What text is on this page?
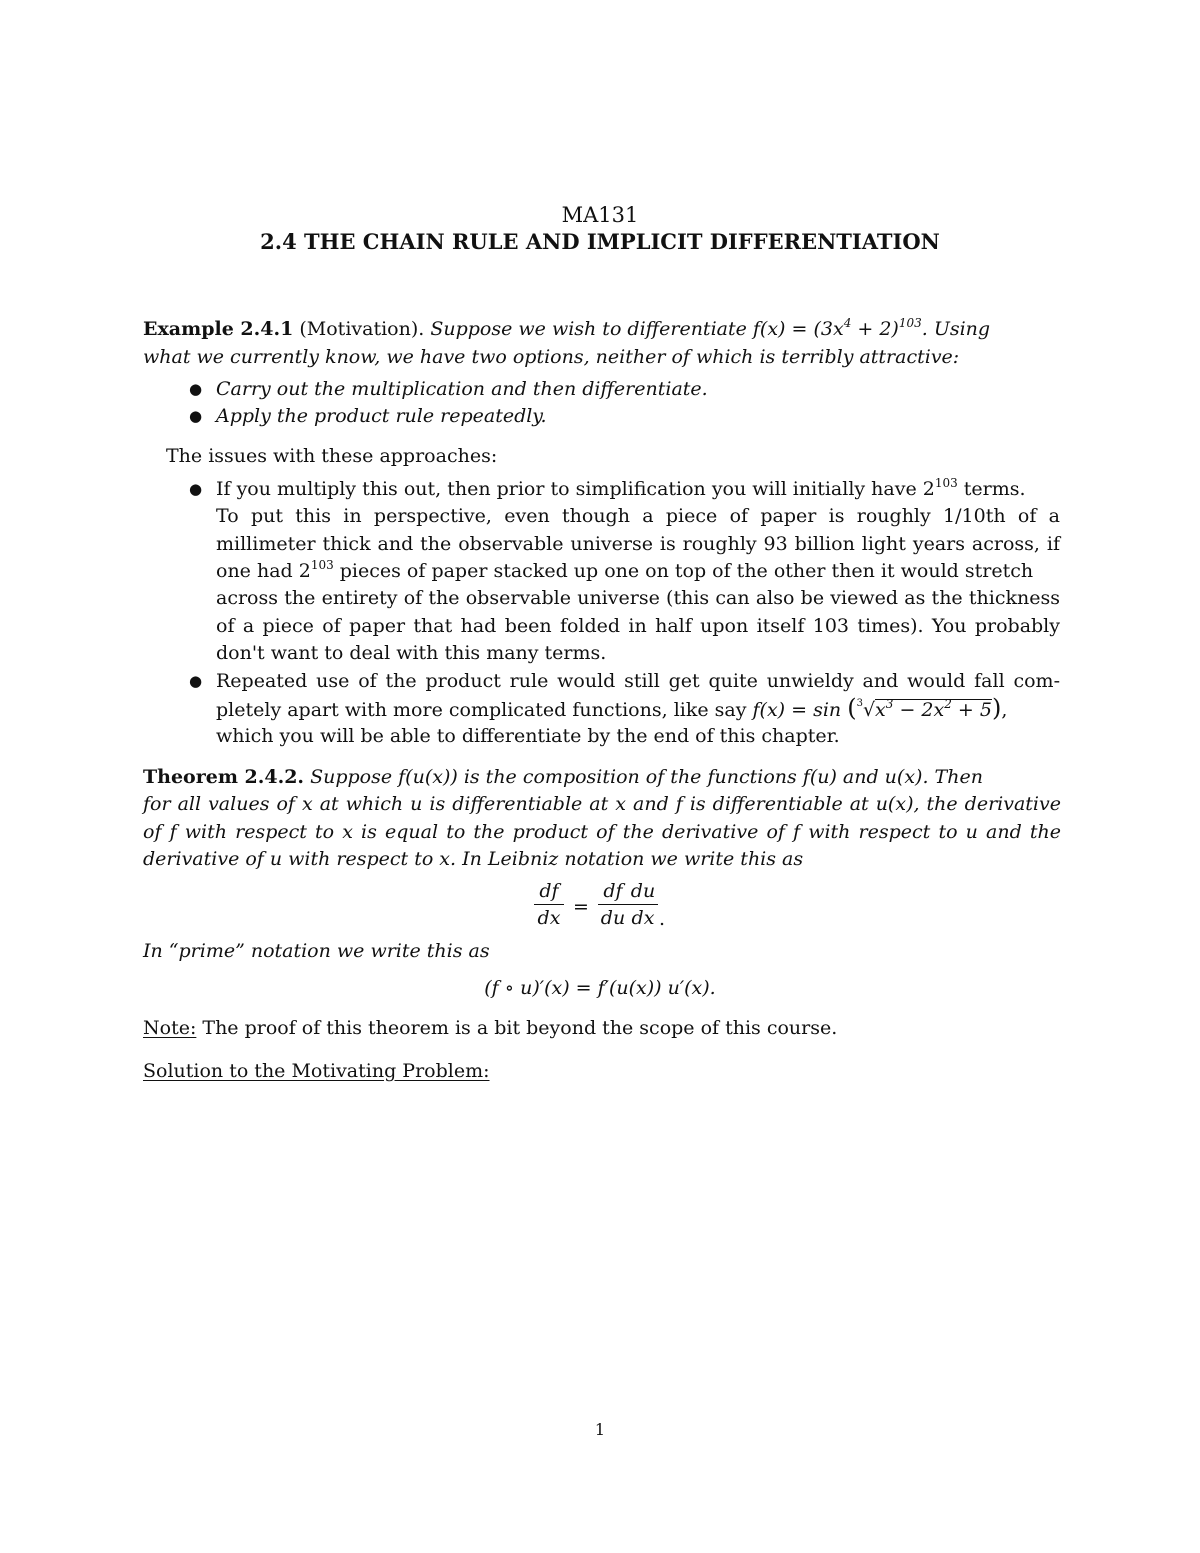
MA131
2.4 THE CHAIN RULE AND IMPLICIT DIFFERENTIATION
Example 2.4.1 (Motivation). Suppose we wish to differentiate $f(x) = (3x^4 + 2)^{103}$. Using
what we currently know, we have two options, neither of which is terribly attractive:
● Carry out the multiplication and then differentiate.
● Apply the product rule repeatedly.
The issues with these approaches:
● If you multiply this out, then prior to simplification you will initially have $2^{103}$ terms.
To put this in perspective, even though a piece of paper is roughly 1/10th of a
millimeter thick and the observable universe is roughly 93 billion light years across, if
one had $2^{103}$ pieces of paper stacked up one on top of the other then it would stretch
across the entirety of the observable universe (this can also be viewed as the thickness
of a piece of paper that had been folded in half upon itself 103 times). You probably
don't want to deal with this many terms.
● Repeated use of the product rule would still get quite unwieldy and would fall com-
pletely apart with more complicated functions, like say $f(x) = \sin (^3√x^3 - 2x^2 + 5)$,
which you will be able to differentiate by the end of this chapter.
Theorem 2.4.2. Suppose f(u(x)) is the composition of the functions f(u) and u(x). Then
for all values of x at which u is differentiable at x and f is differentiable at u(x), the derivative
of f with respect to x is equal to the product of the derivative of f with respect to u and the
derivative of u with respect to x. In Leibniz notation we write this as
df
dx =
df
du
du
dx .
In “prime” notation we write this as
(f ∘ u)′(x) = f′(u(x)) u′(x).
Note: The proof of this theorem is a bit beyond the scope of this course.
Solution to the Motivating Problem:
1
